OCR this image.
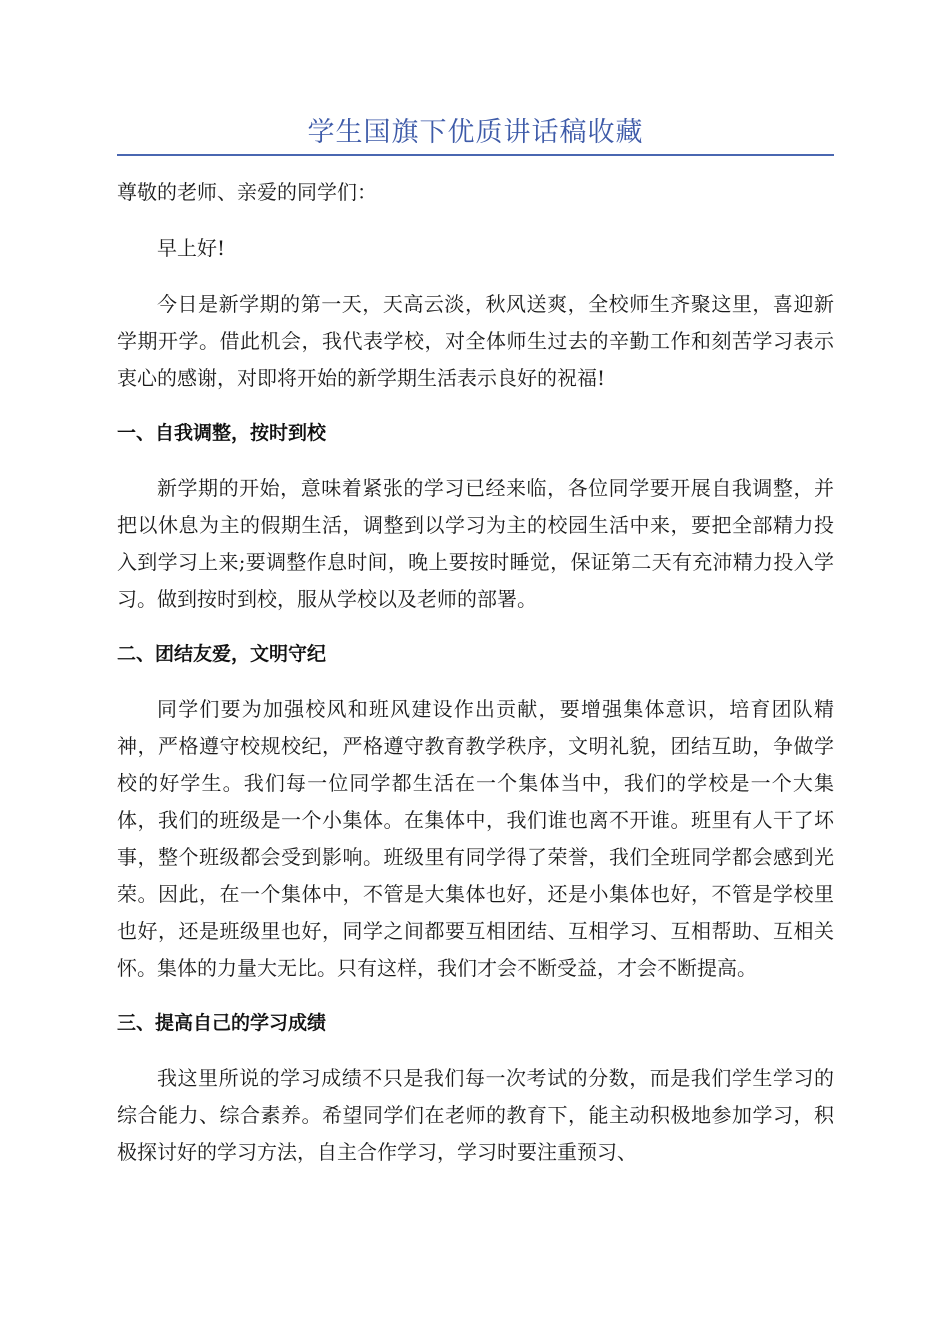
学生国旗下优质讲话稿收藏

尊敬的老师、亲爱的同学们：

早上好!

今日是新学期的第一天，天高云淡，秋风送爽，全校师生齐聚这里，喜迎新学期开学。借此机会，我代表学校，对全体师生过去的辛勤工作和刻苦学习表示衷心的感谢，对即将开始的新学期生活表示良好的祝福!

一、自我调整，按时到校

新学期的开始，意味着紧张的学习已经来临，各位同学要开展自我调整，并把以休息为主的假期生活，调整到以学习为主的校园生活中来，要把全部精力投入到学习上来;要调整作息时间，晚上要按时睡觉，保证第二天有充沛精力投入学习。做到按时到校，服从学校以及老师的部署。

二、团结友爱，文明守纪

同学们要为加强校风和班风建设作出贡献，要增强集体意识，培育团队精神，严格遵守校规校纪，严格遵守教育教学秩序，文明礼貌，团结互助，争做学校的好学生。我们每一位同学都生活在一个集体当中，我们的学校是一个大集体，我们的班级是一个小集体。在集体中，我们谁也离不开谁。班里有人干了坏事，整个班级都会受到影响。班级里有同学得了荣誉，我们全班同学都会感到光荣。因此，在一个集体中，不管是大集体也好，还是小集体也好，不管是学校里也好，还是班级里也好，同学之间都要互相团结、互相学习、互相帮助、互相关怀。集体的力量大无比。只有这样，我们才会不断受益，才会不断提高。

三、提高自己的学习成绩

我这里所说的学习成绩不只是我们每一次考试的分数，而是我们学生学习的综合能力、综合素养。希望同学们在老师的教育下，能主动积极地参加学习，积极探讨好的学习方法，自主合作学习，学习时要注重预习、
